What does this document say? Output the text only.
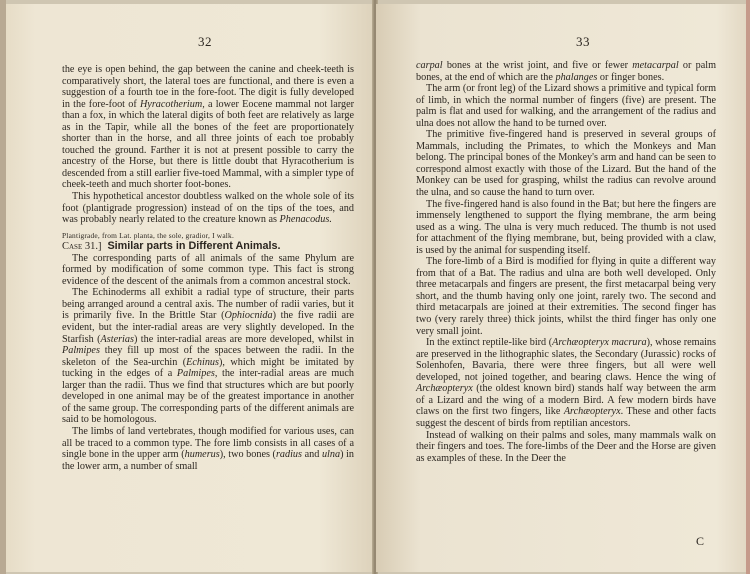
32

the eye is open behind, the gap between the canine and cheek-teeth is comparatively short, the lateral toes are functional, and there is even a suggestion of a fourth toe in the fore-foot. The digit is fully developed in the fore-foot of Hyracotherium, a lower Eocene mammal not larger than a fox, in which the lateral digits of both feet are relatively as large as in the Tapir, while all the bones of the feet are proportionately shorter than in the horse, and all three joints of each toe probably touched the ground. Farther it is not at present possible to carry the ancestry of the Horse, but there is little doubt that Hyracotherium is descended from a still earlier five-toed Mammal, with a simpler type of cheek-teeth and much shorter foot-bones.

This hypothetical ancestor doubtless walked on the whole sole of its foot (plantigrade progression) instead of on the tips of the toes, and was probably nearly related to the creature known as Phenacodus.

Plantigrade, from Lat. planta, the sole, gradior, I walk.

Case 31.] Similar parts in Different Animals.

The corresponding parts of all animals of the same Phylum are formed by modification of some common type. This fact is strong evidence of the descent of the animals from a common ancestral stock.

The Echinoderms all exhibit a radial type of structure, their parts being arranged around a central axis. The number of radii varies, but it is primarily five. In the Brittle Star (Ophiocnida) the five radii are evident, but the inter-radial areas are very slightly developed. In the Starfish (Asterias) the inter-radial areas are more developed, whilst in Palmipes they fill up most of the spaces between the radii. In the skeleton of the Sea-urchin (Echinus), which might be imitated by tucking in the edges of a Palmipes, the inter-radial areas are much larger than the radii. Thus we find that structures which are but poorly developed in one animal may be of the greatest importance in another of the same group. The corresponding parts of the different animals are said to be homologous.

The limbs of land vertebrates, though modified for various uses, can all be traced to a common type. The fore limb consists in all cases of a single bone in the upper arm (humerus), two bones (radius and ulna) in the lower arm, a number of small

33

carpal bones at the wrist joint, and five or fewer metacarpal or palm bones, at the end of which are the phalanges or finger bones.

The arm (or front leg) of the Lizard shows a primitive and typical form of limb, in which the normal number of fingers (five) are present. The palm is flat and used for walking, and the arrangement of the radius and ulna does not allow the hand to be turned over.

The primitive five-fingered hand is preserved in several groups of Mammals, including the Primates, to which the Monkeys and Man belong. The principal bones of the Monkey's arm and hand can be seen to correspond almost exactly with those of the Lizard. But the hand of the Monkey can be used for grasping, whilst the radius can revolve around the ulna, and so cause the hand to turn over.

The five-fingered hand is also found in the Bat; but here the fingers are immensely lengthened to support the flying membrane, the arm being used as a wing. The ulna is very much reduced. The thumb is not used for attachment of the flying membrane, but, being provided with a claw, is used by the animal for suspending itself.

The fore-limb of a Bird is modified for flying in quite a different way from that of a Bat. The radius and ulna are both well developed. Only three metacarpals and fingers are present, the first metacarpal being very short, and the thumb having only one joint, rarely two. The second and third metacarpals are joined at their extremities. The second finger has two (very rarely three) thick joints, whilst the third finger has only one very small joint.

In the extinct reptile-like bird (Archæopteryx macrura), whose remains are preserved in the lithographic slates, the Secondary (Jurassic) rocks of Solenhofen, Bavaria, there were three fingers, but all were well developed, not joined together, and bearing claws. Hence the wing of Archæopteryx (the oldest known bird) stands half way between the arm of a Lizard and the wing of a modern Bird. A few modern birds have claws on the first two fingers, like Archæopteryx. These and other facts suggest the descent of birds from reptilian ancestors.

Instead of walking on their palms and soles, many mammals walk on their fingers and toes. The fore-limbs of the Deer and the Horse are given as examples of these. In the Deer the

C
